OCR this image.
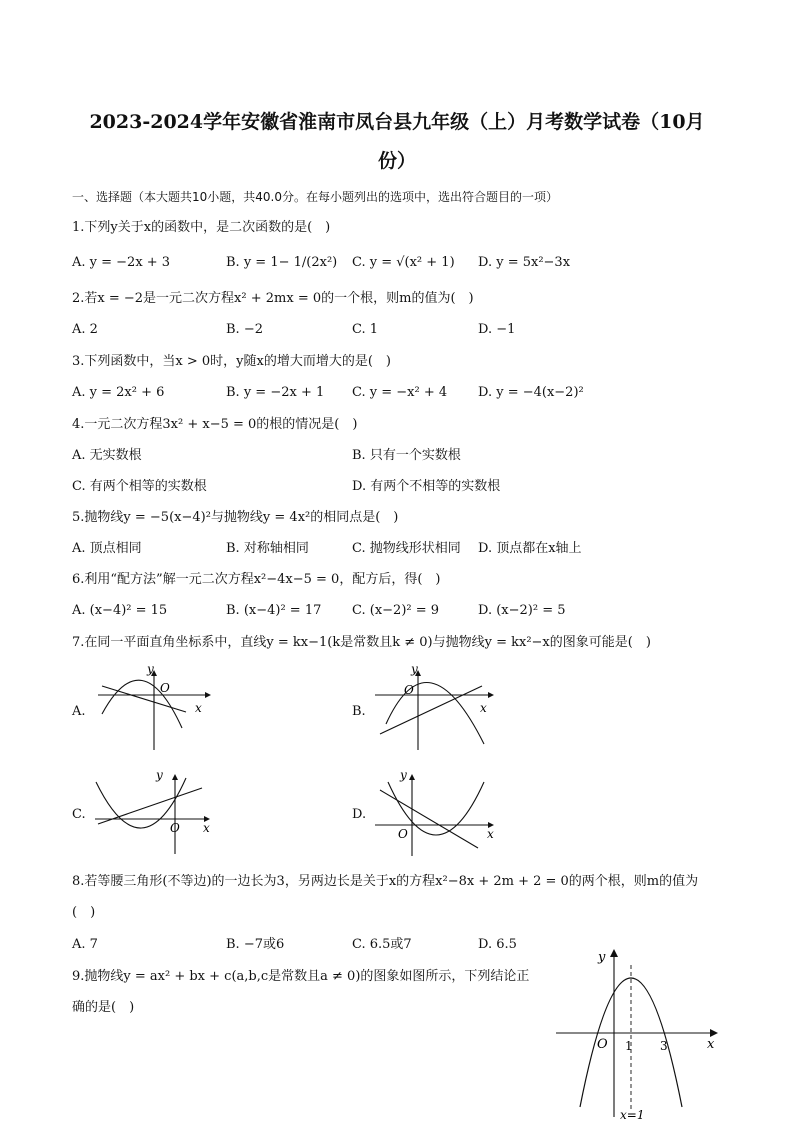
2023-2024学年安徽省淮南市凤台县九年级（上）月考数学试卷（10月
份）
一、选择题（本大题共10小题，共40.0分。在每小题列出的选项中，选出符合题目的一项）
1.下列y关于x的函数中，是二次函数的是(　)
A. y = −2x + 3	B. y = 1− 1/(2x²) C. y = √(x² + 1) D. y = 5x²−3x
2.若x = −2是一元二次方程x² + 2mx = 0的一个根，则m的值为(　)
A. 2	B. −2	C. 1	D. −1
3.下列函数中，当x > 0时，y随x的增大而增大的是(　)
A. y = 2x² + 6	B. y = −2x + 1 C. y = −x² + 4 D. y = −4(x−2)²
4.一元二次方程3x² + x−5 = 0的根的情况是(　)
A. 无实数根	B. 只有一个实数根
C. 有两个相等的实数根	D. 有两个不相等的实数根
5.抛物线y = −5(x−4)²与抛物线y = 4x²的相同点是(　)
A. 顶点相同	B. 对称轴相同	C. 抛物线形状相同 D. 顶点都在x轴上
6.利用“配方法”解一元二次方程x²−4x−5 = 0，配方后，得(　)
A. (x−4)² = 15	B. (x−4)² = 17 C. (x−2)² = 9	D. (x−2)² = 5
7.在同一平面直角坐标系中，直线y = kx−1(k是常数且k ≠ 0)与抛物线y = kx²−x的图象可能是(　)
A.
y
O
x	B.
y
O
x
C.
y
O x
D.
y
O	x
8.若等腰三角形(不等边)的一边长为3，另两边长是关于x的方程x²−8x + 2m + 2 = 0的两个根，则m的值为
(　)
A. 7	B. −7或6	C. 6.5或7	D. 6.5
9.抛物线y = ax² + bx + c(a,b,c是常数且a ≠ 0)的图象如图所示，下列结论正
确的是(　)
y
O 1 3	x
x=1
